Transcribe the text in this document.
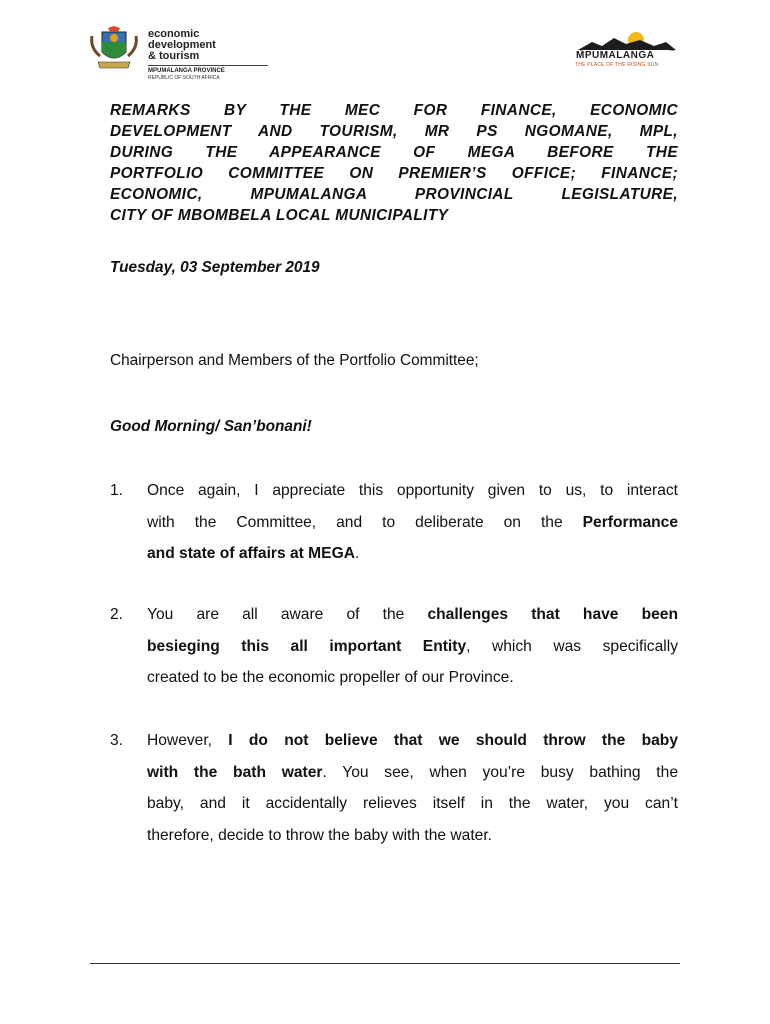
economic development
& tourism
MPUMALANGA PROVINCE
REPUBLIC OF SOUTH AFRICA
MPUMALANGA
THE PLACE OF THE RISING SUN
REMARKS BY THE MEC FOR FINANCE, ECONOMIC
DEVELOPMENT AND TOURISM, MR PS NGOMANE, MPL,
DURING THE APPEARANCE OF MEGA BEFORE THE
PORTFOLIO COMMITTEE ON PREMIER’S OFFICE; FINANCE;
ECONOMIC, MPUMALANGA PROVINCIAL LEGISLATURE,
CITY OF MBOMBELA LOCAL MUNICIPALITY
Tuesday, 03 September 2019
Chairperson and Members of the Portfolio Committee;
Good Morning/ San’bonani!
1.	Once again, I appreciate this opportunity given to us, to interact
with the Committee, and to deliberate on the Performance
and state of affairs at MEGA.
2.	You are all aware of the challenges that have been
besieging this all important Entity, which was specifically
created to be the economic propeller of our Province.
3.	However, I do not believe that we should throw the baby
with the bath water. You see, when you’re busy bathing the
baby, and it accidentally relieves itself in the water, you can’t
therefore, decide to throw the baby with the water.
